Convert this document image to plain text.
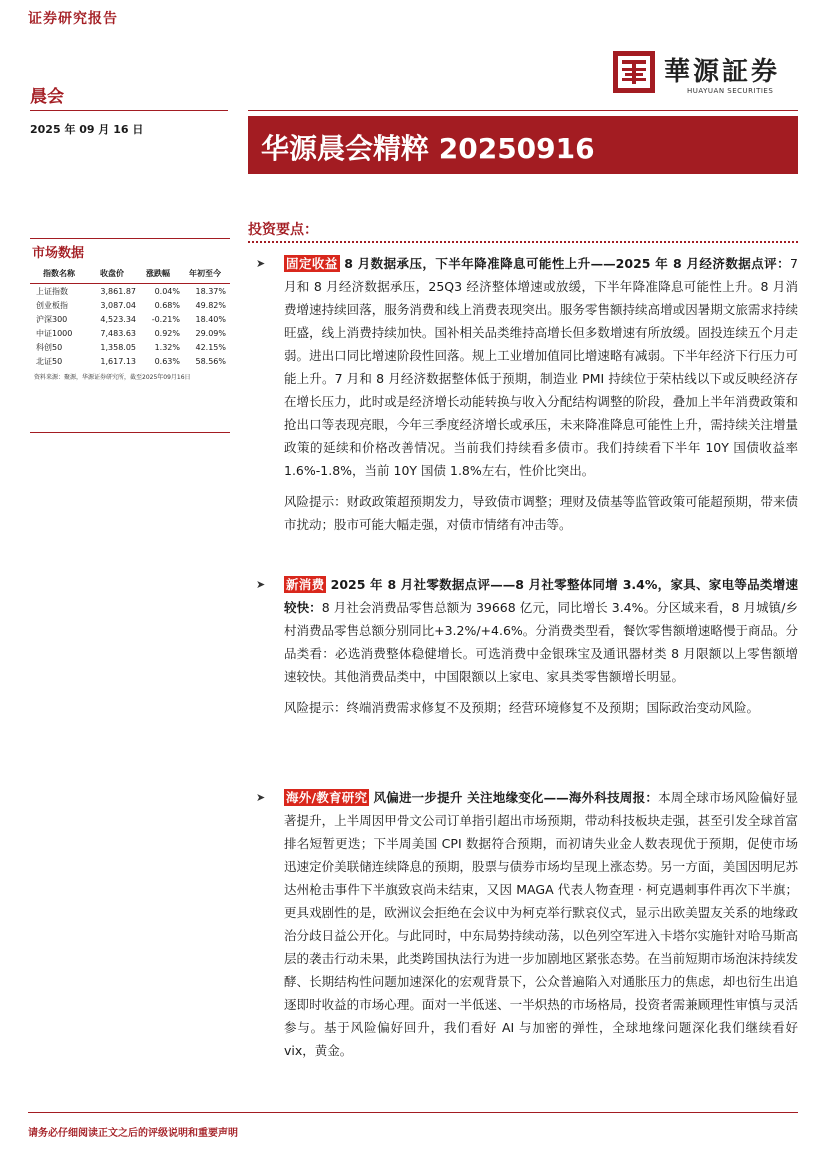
证券研究报告
晨会
2025 年 09 月 16 日
華源証券
HUAYUAN SECURITIES
华源晨会精粹 20250916
市场数据
指数名称	收盘价	涨跌幅	年初至今
上证指数	3,861.87	0.04%	18.37%
创业板指	3,087.04	0.68%	49.82%
沪深300	4,523.34	-0.21%	18.40%
中证1000	7,483.63	0.92%	29.09%
科创50	1,358.05	1.32%	42.15%
北证50	1,617.13	0.63%	58.56%
资料来源：聚源，华源证券研究所，截至2025年09月16日
投资要点：
➤ 固定收益 8 月数据承压，下半年降准降息可能性上升——2025 年 8 月经济数据点评：7 月和 8 月经济数据承压，25Q3 经济整体增速或放缓，下半年降准降息可能性上升。8 月消费增速持续回落，服务消费和线上消费表现突出。服务零售额持续高增或因暑期文旅需求持续旺盛，线上消费持续加快。国补相关品类维持高增长但多数增速有所放缓。固投连续五个月走弱。进出口同比增速阶段性回落。规上工业增加值同比增速略有减弱。下半年经济下行压力可能上升。7 月和 8 月经济数据整体低于预期，制造业 PMI 持续位于荣枯线以下或反映经济存在增长压力，此时或是经济增长动能转换与收入分配结构调整的阶段，叠加上半年消费政策和抢出口等表现亮眼，今年三季度经济增长或承压，未来降准降息可能性上升，需持续关注增量政策的延续和价格改善情况。当前我们持续看多债市。我们持续看下半年 10Y 国债收益率 1.6%-1.8%，当前 10Y 国债 1.8%左右，性价比突出。

风险提示：财政政策超预期发力，导致债市调整；理财及债基等监管政策可能超预期，带来债市扰动；股市可能大幅走强，对债市情绪有冲击等。

➤ 新消费 2025 年 8 月社零数据点评——8 月社零整体同增 3.4%，家具、家电等品类增速较快：8 月社会消费品零售总额为 39668 亿元，同比增长 3.4%。分区域来看，8 月城镇/乡村消费品零售总额分别同比+3.2%/+4.6%。分消费类型看，餐饮零售额增速略慢于商品。分品类看：必选消费整体稳健增长。可选消费中金银珠宝及通讯器材类 8 月限额以上零售额增速较快。其他消费品类中，中国限额以上家电、家具类零售额增长明显。

风险提示：终端消费需求修复不及预期；经营环境修复不及预期；国际政治变动风险。

➤ 海外/教育研究 风偏进一步提升 关注地缘变化——海外科技周报：本周全球市场风险偏好显著提升，上半周因甲骨文公司订单指引超出市场预期，带动科技板块走强，甚至引发全球首富排名短暂更迭；下半周美国 CPI 数据符合预期，而初请失业金人数表现优于预期，促使市场迅速定价美联储连续降息的预期，股票与债券市场均呈现上涨态势。另一方面，美国因明尼苏达州枪击事件下半旗致哀尚未结束，又因 MAGA 代表人物查理 · 柯克遇刺事件再次下半旗；更具戏剧性的是，欧洲议会拒绝在会议中为柯克举行默哀仪式，显示出欧美盟友关系的地缘政治分歧日益公开化。与此同时，中东局势持续动荡，以色列空军进入卡塔尔实施针对哈马斯高层的袭击行动未果，此类跨国执法行为进一步加剧地区紧张态势。在当前短期市场泡沫持续发酵、长期结构性问题加速深化的宏观背景下，公众普遍陷入对通胀压力的焦虑，却也衍生出追逐即时收益的市场心理。面对一半低迷、一半炽热的市场格局，投资者需兼顾理性审慎与灵活参与。基于风险偏好回升，我们看好 AI 与加密的弹性，全球地缘问题深化我们继续看好 vix，黄金。

请务必仔细阅读正文之后的评级说明和重要声明
